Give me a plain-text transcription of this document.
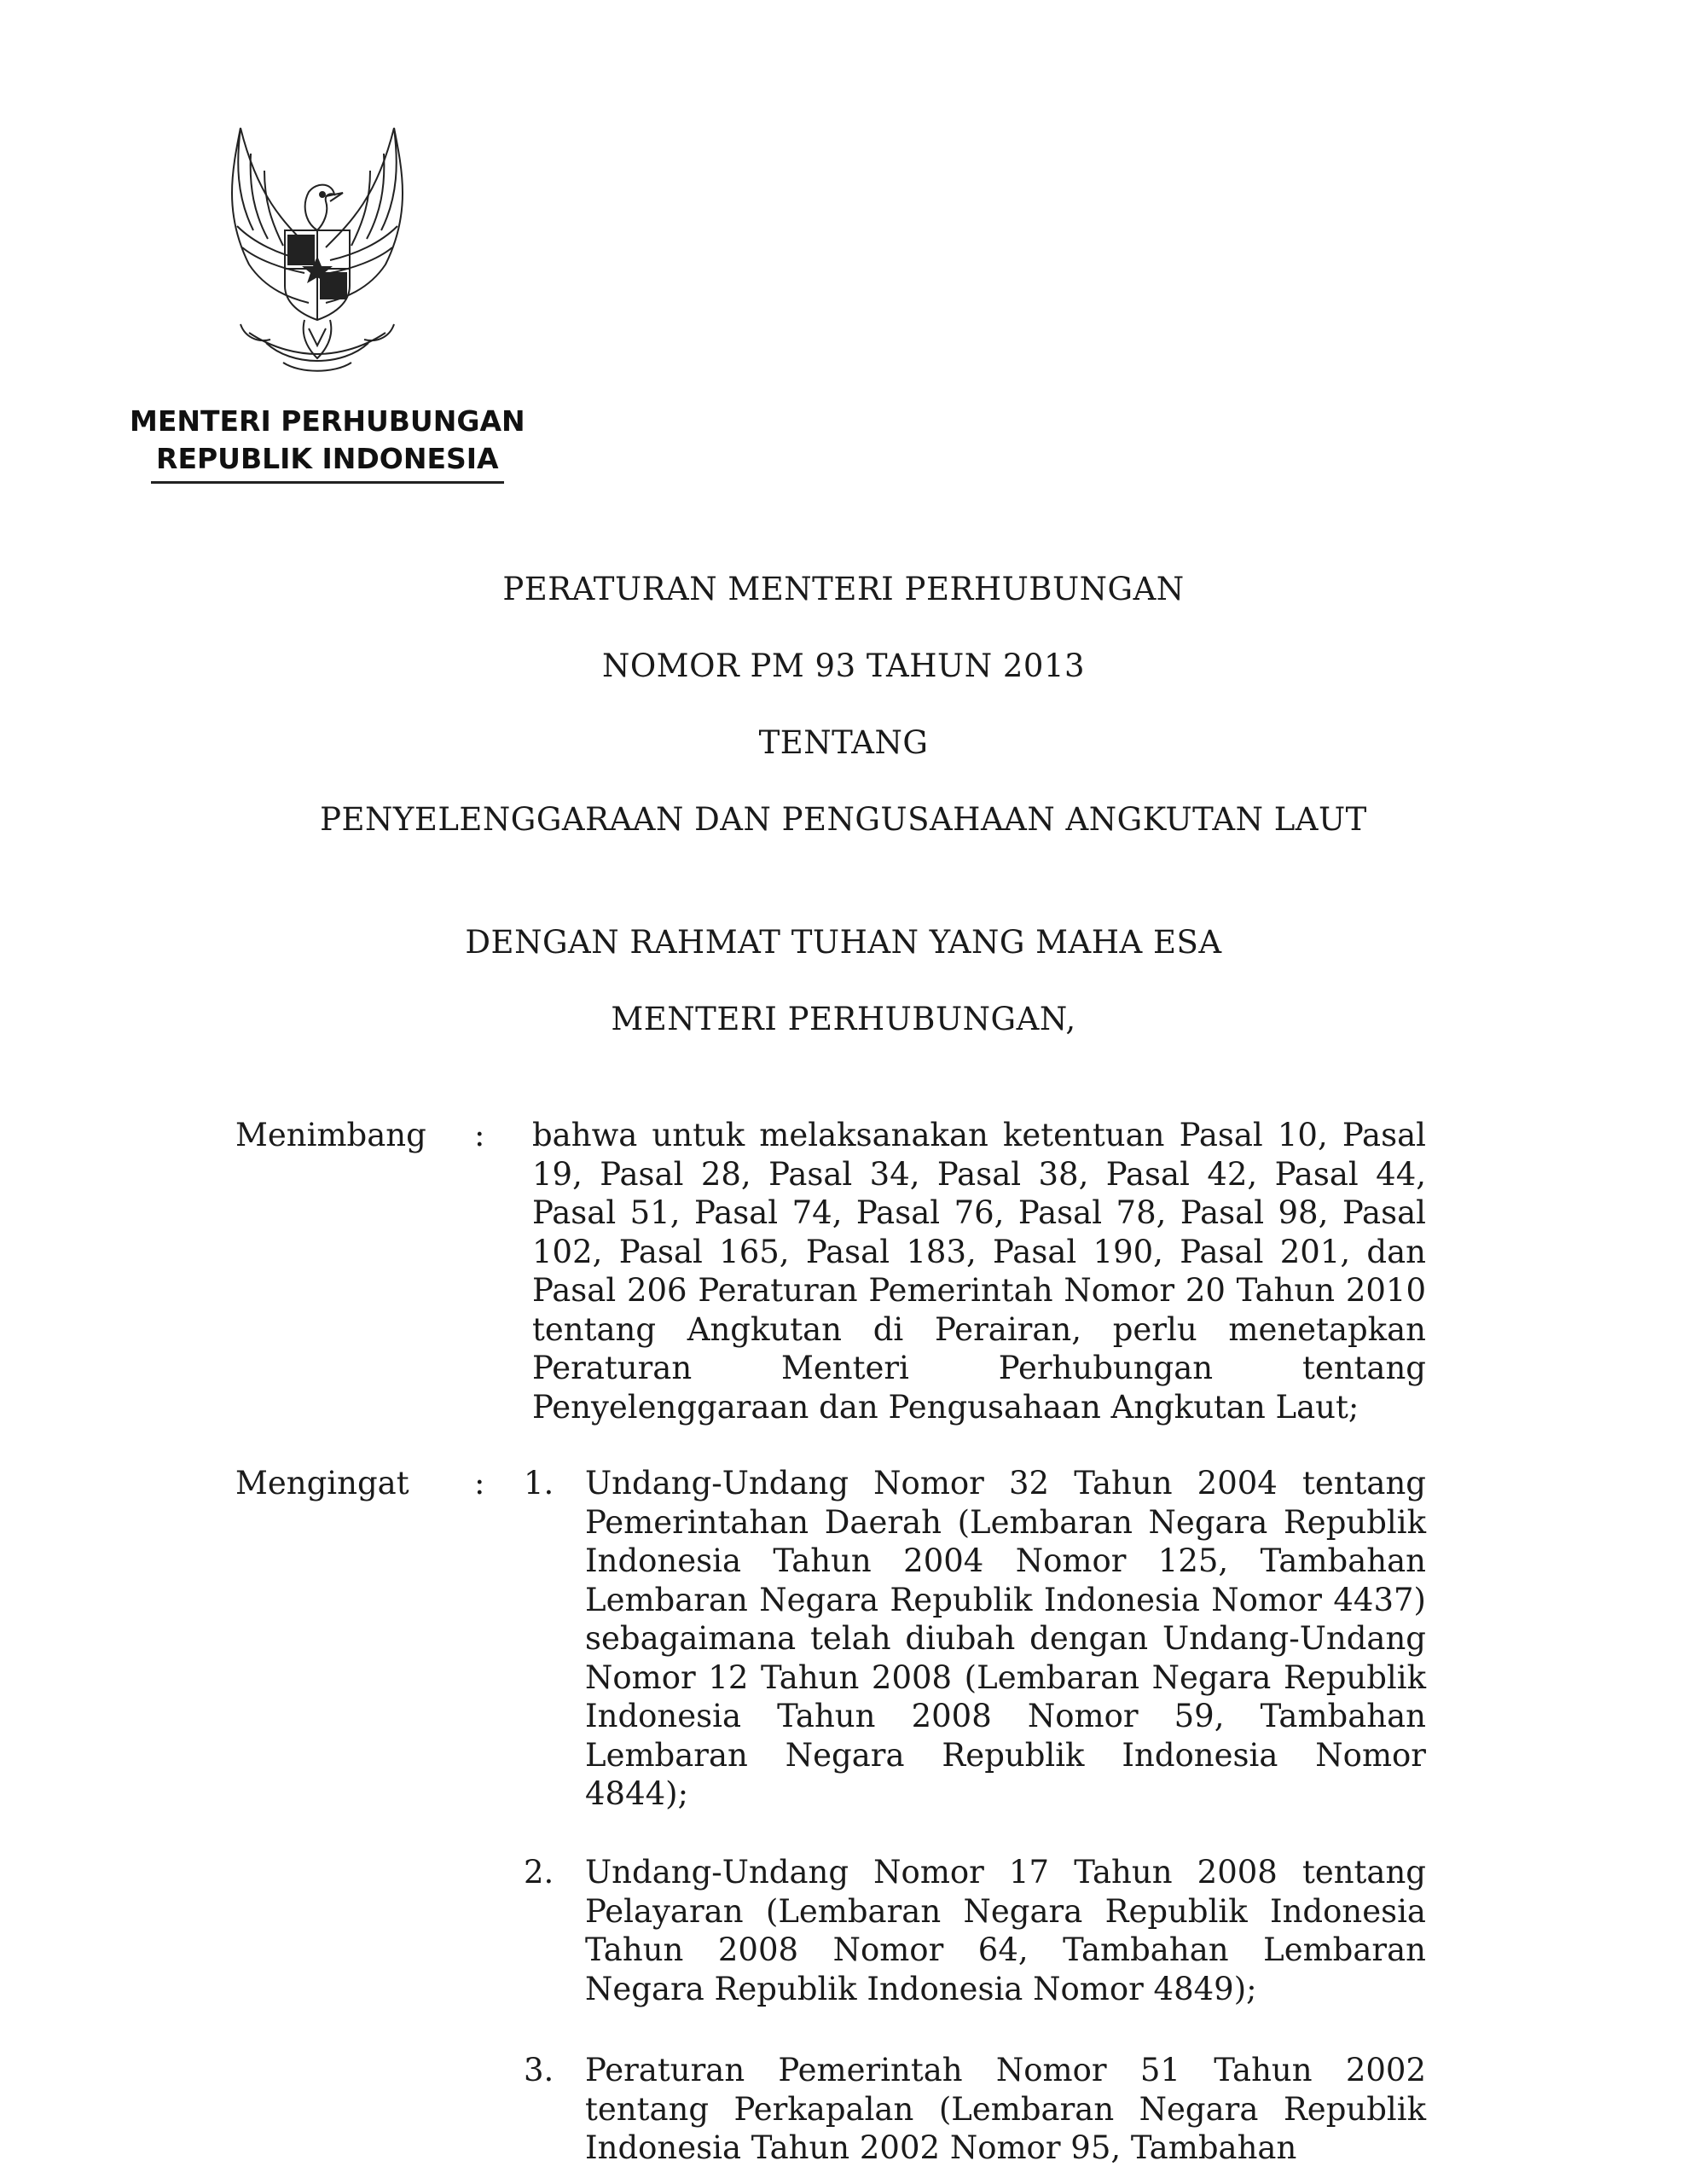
MENTERI PERHUBUNGAN
REPUBLIK INDONESIA
PERATURAN MENTERI PERHUBUNGAN
NOMOR PM 93 TAHUN 2013
TENTANG
PENYELENGGARAAN DAN PENGUSAHAAN ANGKUTAN LAUT
DENGAN RAHMAT TUHAN YANG MAHA ESA
MENTERI PERHUBUNGAN,
Menimbang : bahwa untuk melaksanakan ketentuan Pasal 10, Pasal 19, Pasal 28, Pasal 34, Pasal 38, Pasal 42, Pasal 44, Pasal 51, Pasal 74, Pasal 76, Pasal 78, Pasal 98, Pasal 102, Pasal 165, Pasal 183, Pasal 190, Pasal 201, dan Pasal 206 Peraturan Pemerintah Nomor 20 Tahun 2010 tentang Angkutan di Perairan, perlu menetapkan Peraturan Menteri Perhubungan tentang Penyelenggaraan dan Pengusahaan Angkutan Laut;
Mengingat : 1. Undang-Undang Nomor 32 Tahun 2004 tentang Pemerintahan Daerah (Lembaran Negara Republik Indonesia Tahun 2004 Nomor 125, Tambahan Lembaran Negara Republik Indonesia Nomor 4437) sebagaimana telah diubah dengan Undang-Undang Nomor 12 Tahun 2008 (Lembaran Negara Republik Indonesia Tahun 2008 Nomor 59, Tambahan Lembaran Negara Republik Indonesia Nomor 4844);
2. Undang-Undang Nomor 17 Tahun 2008 tentang Pelayaran (Lembaran Negara Republik Indonesia Tahun 2008 Nomor 64, Tambahan Lembaran Negara Republik Indonesia Nomor 4849);
3. Peraturan Pemerintah Nomor 51 Tahun 2002 tentang Perkapalan (Lembaran Negara Republik Indonesia Tahun 2002 Nomor 95, Tambahan
